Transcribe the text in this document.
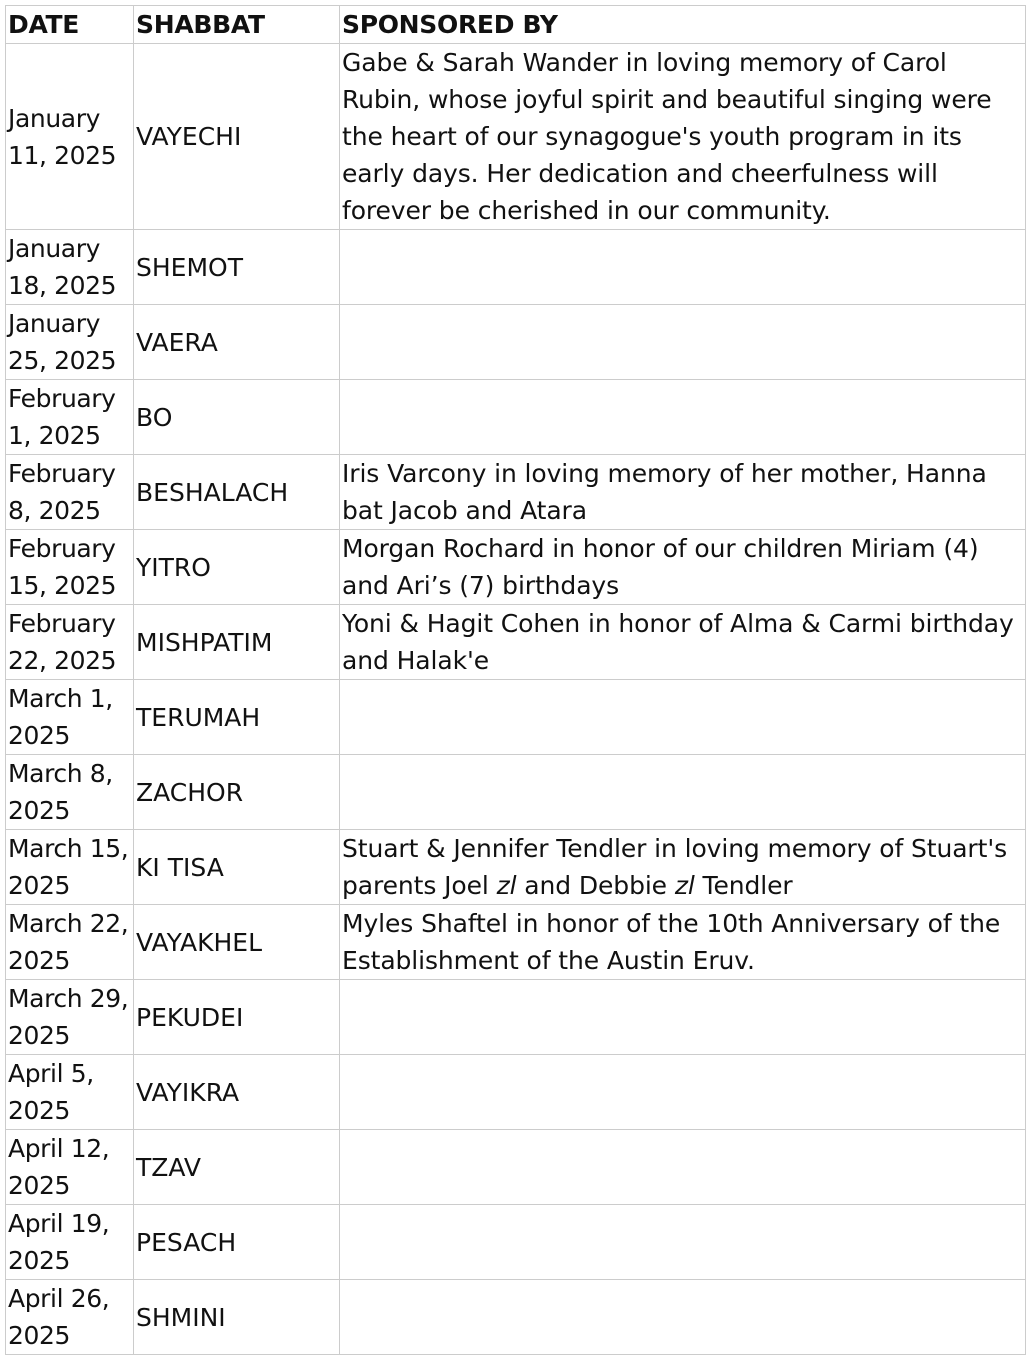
DATE	SHABBAT	SPONSORED BY
January 11, 2025	VAYECHI	Gabe & Sarah Wander in loving memory of Carol Rubin, whose joyful spirit and beautiful singing were the heart of our synagogue's youth program in its early days. Her dedication and cheerfulness will forever be cherished in our community.
January 18, 2025	SHEMOT	
January 25, 2025	VAERA	
February 1, 2025	BO	
February 8, 2025	BESHALACH	Iris Varcony in loving memory of her mother, Hanna bat Jacob and Atara
February 15, 2025	YITRO	Morgan Rochard in honor of our children Miriam (4) and Ari’s (7) birthdays
February 22, 2025	MISHPATIM	Yoni & Hagit Cohen in honor of Alma & Carmi birthday and Halak'e
March 1, 2025	TERUMAH	
March 8, 2025	ZACHOR	
March 15, 2025	KI TISA	Stuart & Jennifer Tendler in loving memory of Stuart's parents Joel zl and Debbie zl Tendler
March 22, 2025	VAYAKHEL	Myles Shaftel in honor of the 10th Anniversary of the Establishment of the Austin Eruv.
March 29, 2025	PEKUDEI	
April 5, 2025	VAYIKRA	
April 12, 2025	TZAV	
April 19, 2025	PESACH	
April 26, 2025	SHMINI	
